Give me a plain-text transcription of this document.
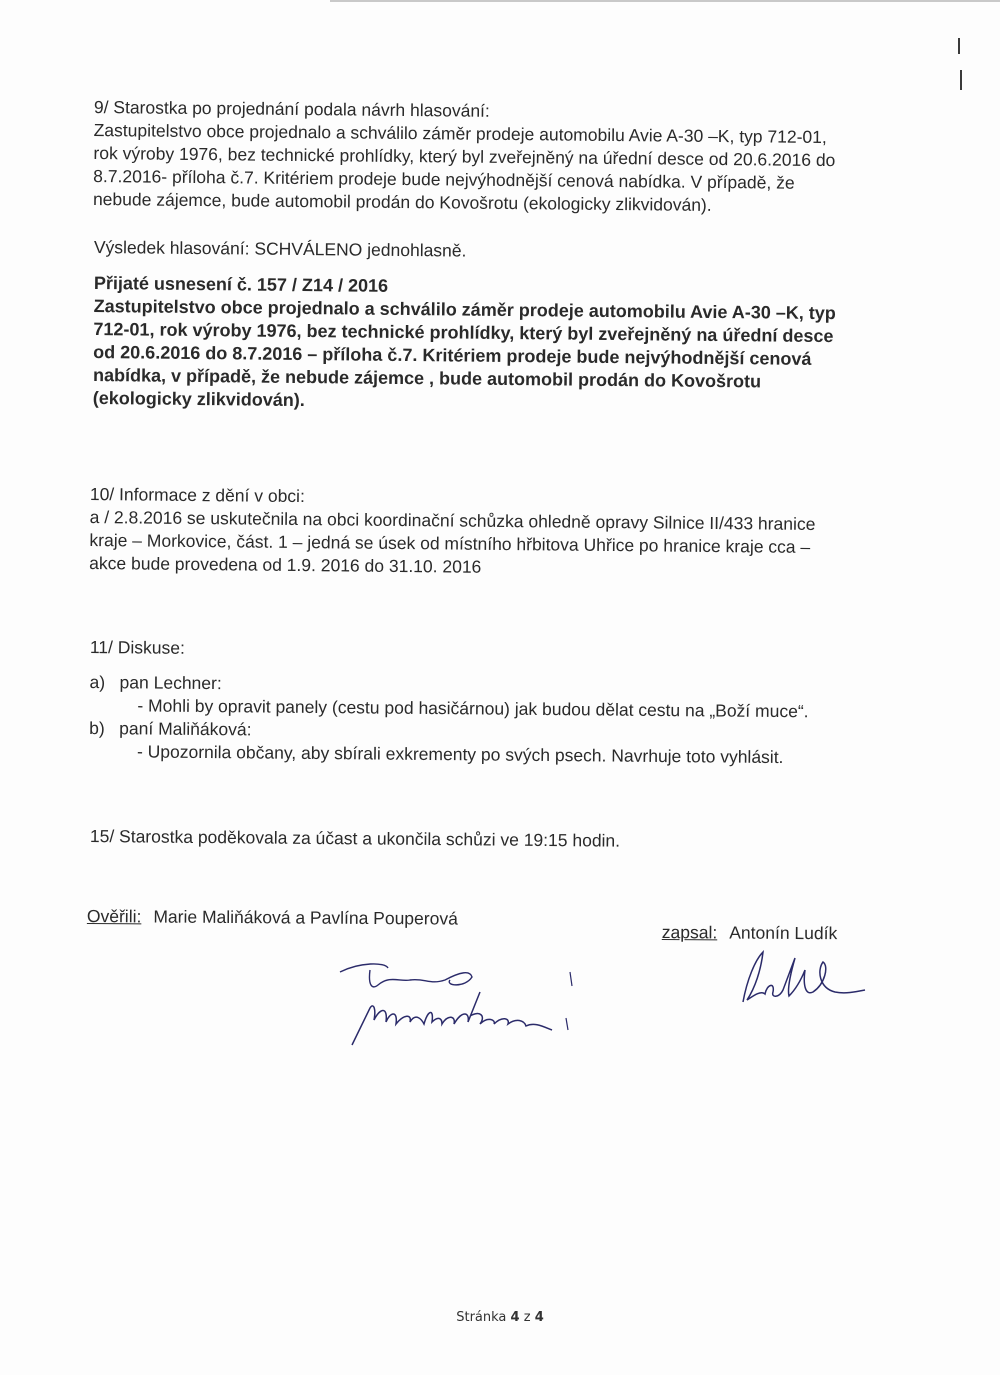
9/ Starostka po projednání podala návrh hlasování:
Zastupitelstvo obce projednalo a schválilo záměr prodeje automobilu Avie A-30 –K, typ 712-01,
rok výroby 1976, bez technické prohlídky, který byl zveřejněný na úřední desce od 20.6.2016 do
8.7.2016- příloha č.7. Kritériem prodeje bude nejvýhodnější cenová nabídka. V případě, že
nebude zájemce, bude automobil prodán do Kovošrotu (ekologicky zlikvidován).
Výsledek hlasování: SCHVÁLENO jednohlasně.
Přijaté usnesení č. 157 / Z14 / 2016
Zastupitelstvo obce projednalo a schválilo záměr prodeje automobilu Avie A-30 –K, typ
712-01, rok výroby 1976, bez technické prohlídky, který byl zveřejněný na úřední desce
od 20.6.2016 do 8.7.2016 – příloha č.7. Kritériem prodeje bude nejvýhodnější cenová
nabídka, v případě, že nebude zájemce , bude automobil prodán do Kovošrotu
(ekologicky zlikvidován).
10/ Informace z dění v obci:
a / 2.8.2016 se uskutečnila na obci koordinační schůzka ohledně opravy Silnice II/433 hranice
kraje – Morkovice, část. 1 – jedná se úsek od místního hřbitova Uhřice po hranice kraje cca –
akce bude provedena od 1.9. 2016 do 31.10. 2016
11/ Diskuse:
a) pan Lechner:
- Mohli by opravit panely (cestu pod hasičárnou) jak budou dělat cestu na „Boží muce“.
b) paní Maliňáková:
- Upozornila občany, aby sbírali exkrementy po svých psech. Navrhuje toto vyhlásit.
15/ Starostka poděkovala za účast a ukončila schůzi ve 19:15 hodin.
Ověřili: Marie Maliňáková a Pavlína Pouperová
zapsal: Antonín Ludík
Stránka 4 z 4
